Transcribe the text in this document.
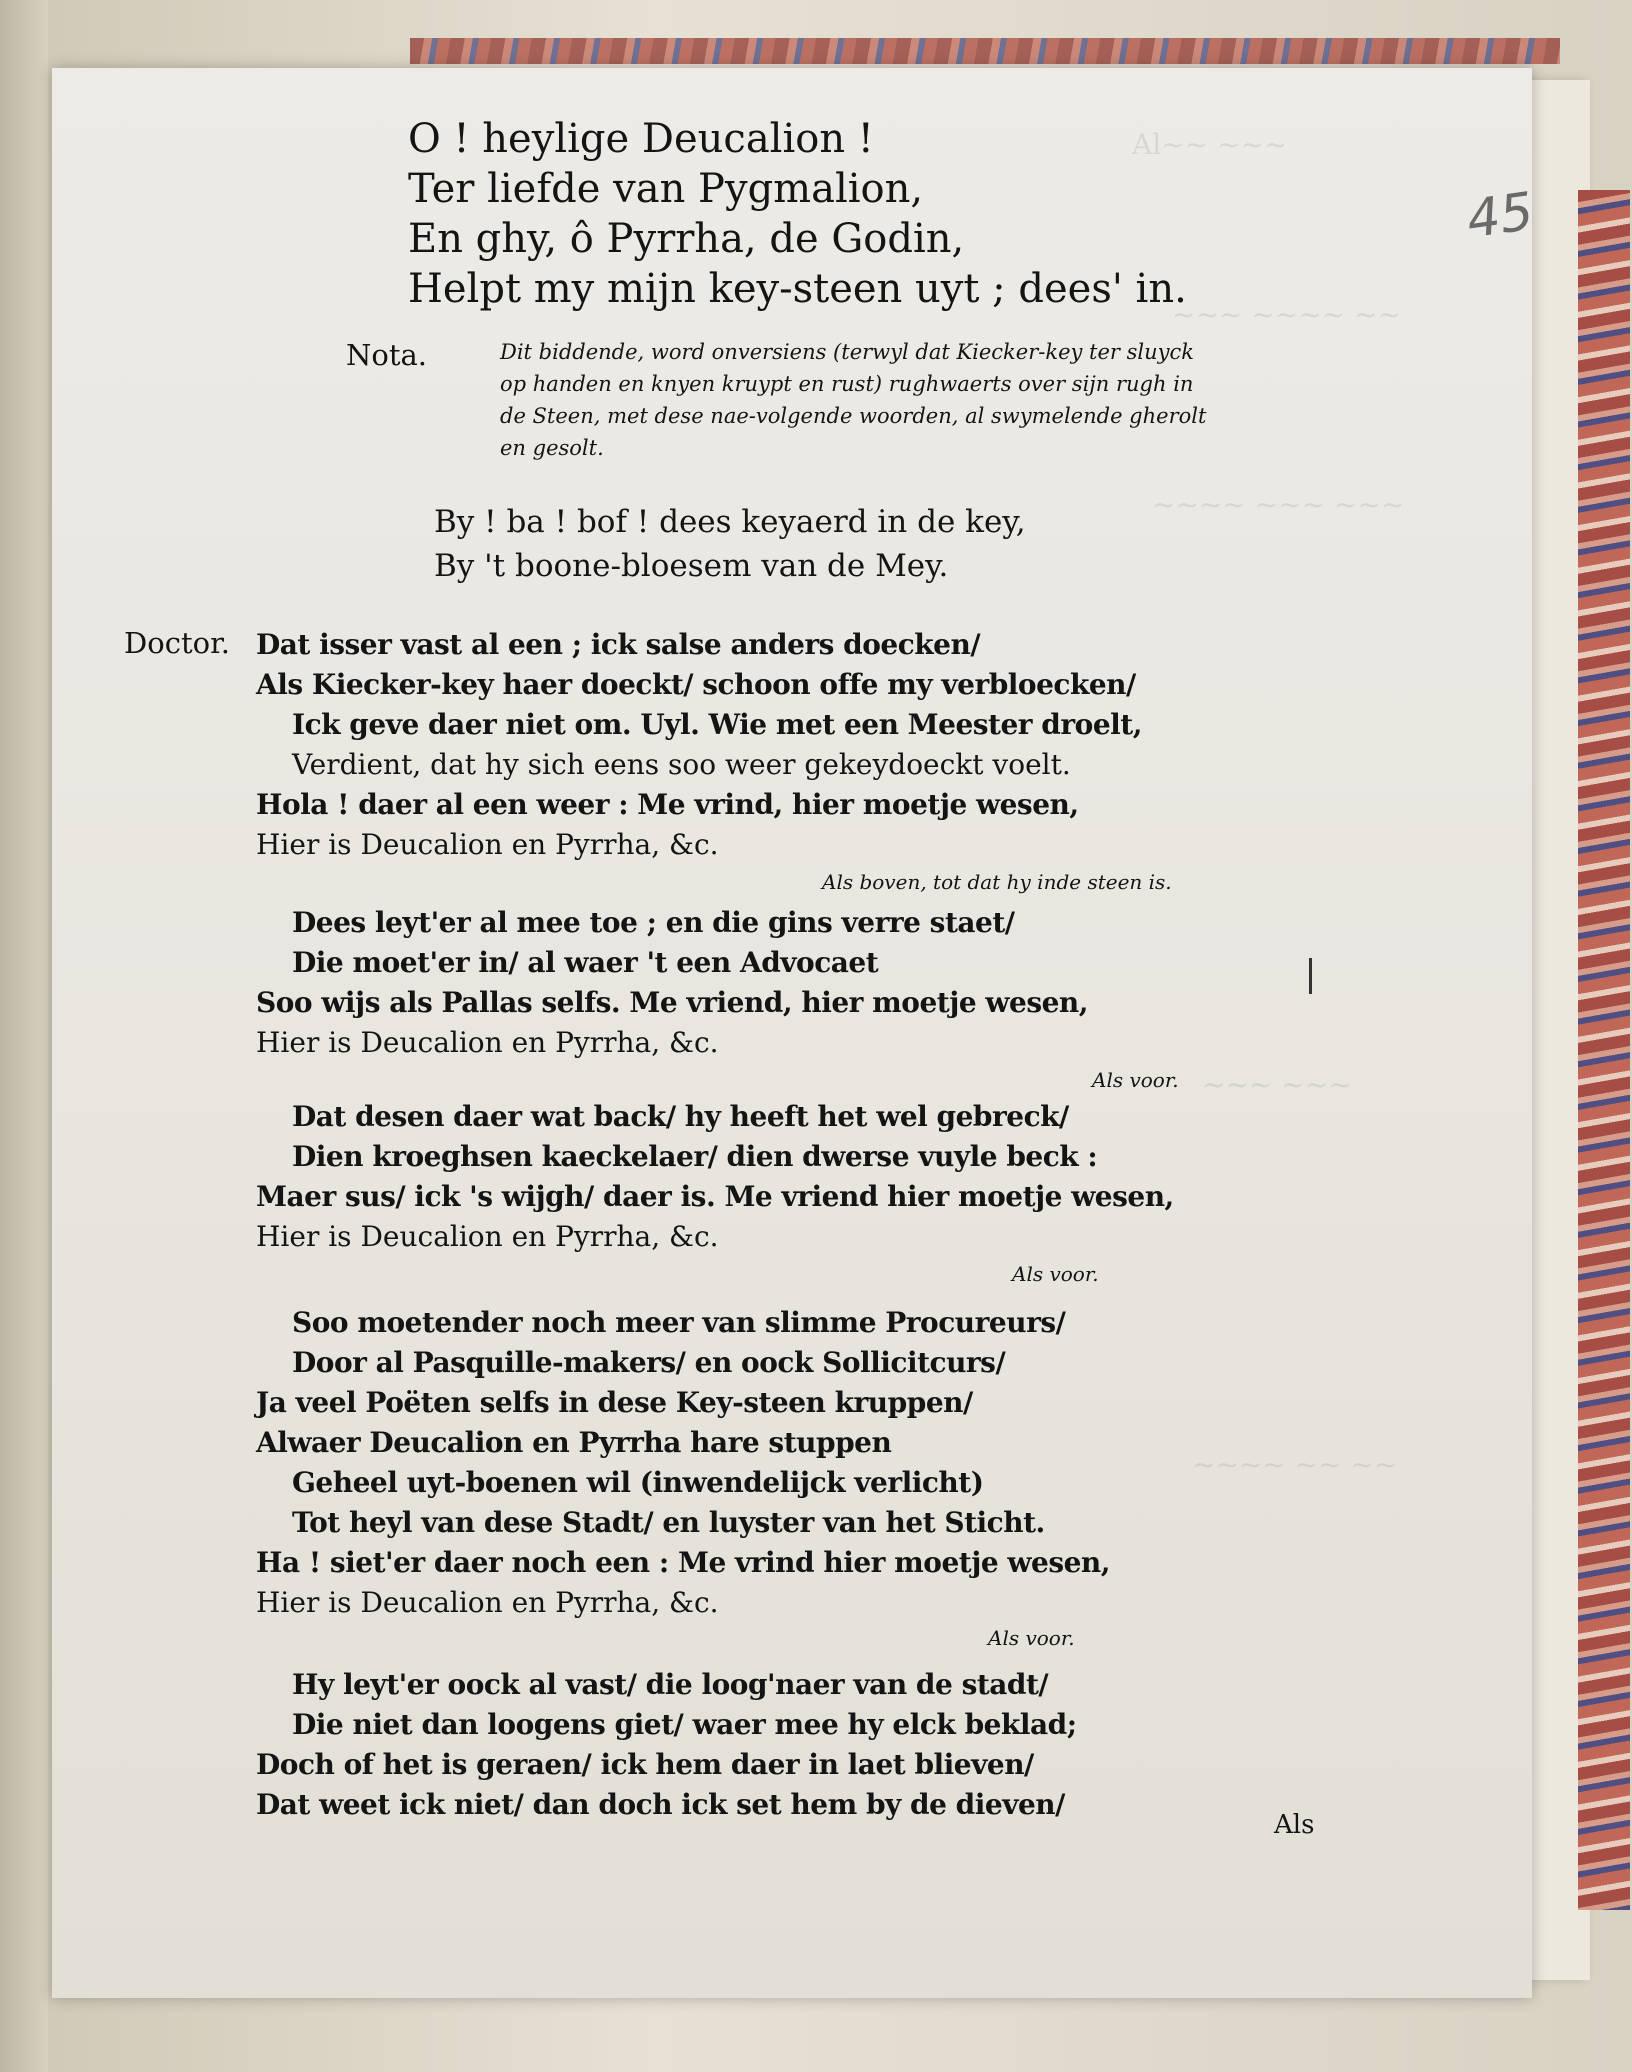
Al~~ ~~~
~~~ ~~~~ ~~
~~~~ ~~~ ~~~
~~~ ~~~
~~~~ ~~ ~~
45
O ! heylige Deucalion !
Ter liefde van Pygmalion,
En ghy, ô Pyrrha, de Godin,
Helpt my mijn key-steen uyt ; dees' in.
Nota.	Dit biddende, word onversiens (terwyl dat Kiecker-key ter sluyck
op handen en knyen kruypt en rust) rughwaerts over sijn rugh in
de Steen, met dese nae-volgende woorden, al swymelende gherolt
en gesolt.
By ! ba ! bof ! dees keyaerd in de key,
By 't boone-bloesem van de Mey.
Doctor. Dat isser vast al een ; ick salse anders doecken/
Als Kiecker-key haer doeckt/ schoon offe my verbloecken/
Ick geve daer niet om. Uyl. Wie met een Meester droelt,
Verdient, dat hy sich eens soo weer gekeydoeckt voelt.
Hola ! daer al een weer : Me vrind, hier moetje wesen,
Hier is Deucalion en Pyrrha, &c.
Als boven, tot dat hy inde steen is.
Dees leyt'er al mee toe ; en die gins verre staet/
Die moet'er in/ al waer 't een Advocaet
Soo wijs als Pallas selfs. Me vriend, hier moetje wesen,
Hier is Deucalion en Pyrrha, &c.
Als voor.
Dat desen daer wat back/ hy heeft het wel gebreck/
Dien kroeghsen kaeckelaer/ dien dwerse vuyle beck :
Maer sus/ ick 's wijgh/ daer is. Me vriend hier moetje wesen,
Hier is Deucalion en Pyrrha, &c.
Als voor.
Soo moetender noch meer van slimme Procureurs/
Door al Pasquille-makers/ en oock Sollicitcurs/
Ja veel Poëten selfs in dese Key-steen kruppen/
Alwaer Deucalion en Pyrrha hare stuppen
Geheel uyt-boenen wil (inwendelijck verlicht)
Tot heyl van dese Stadt/ en luyster van het Sticht.
Ha ! siet'er daer noch een : Me vrind hier moetje wesen,
Hier is Deucalion en Pyrrha, &c.
Als voor.
Hy leyt'er oock al vast/ die loog'naer van de stadt/
Die niet dan loogens giet/ waer mee hy elck beklad;
Doch of het is geraen/ ick hem daer in laet blieven/
Dat weet ick niet/ dan doch ick set hem by de dieven/
Als
